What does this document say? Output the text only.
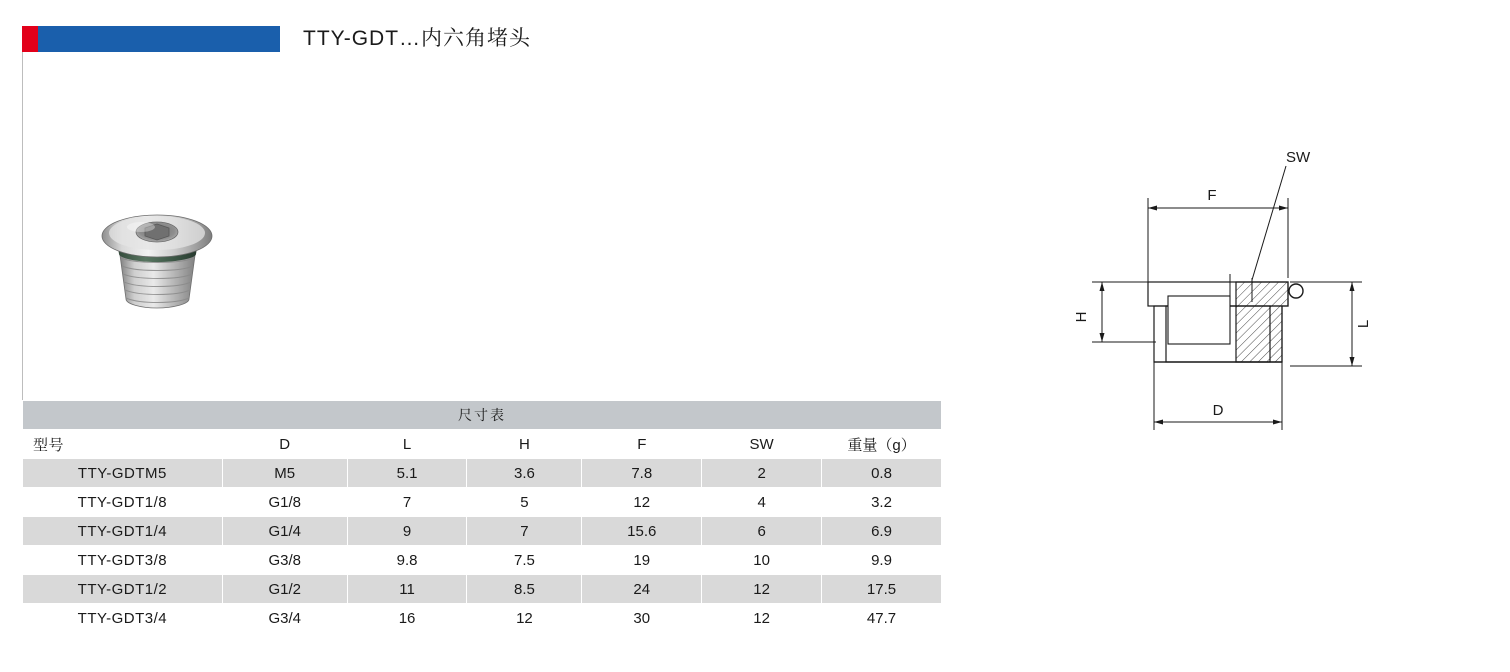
TTY-GDT…内六角堵头
F
SW
H
L
D
尺寸表						
型号	D	L	H	F	SW	重量（g）
TTY-GDTM5	M5	5.1	3.6	7.8	2	0.8
TTY-GDT1/8	G1/8	7	5	12	4	3.2
TTY-GDT1/4	G1/4	9	7	15.6	6	6.9
TTY-GDT3/8	G3/8	9.8	7.5	19	10	9.9
TTY-GDT1/2	G1/2	11	8.5	24	12	17.5
TTY-GDT3/4	G3/4	16	12	30	12	47.7
